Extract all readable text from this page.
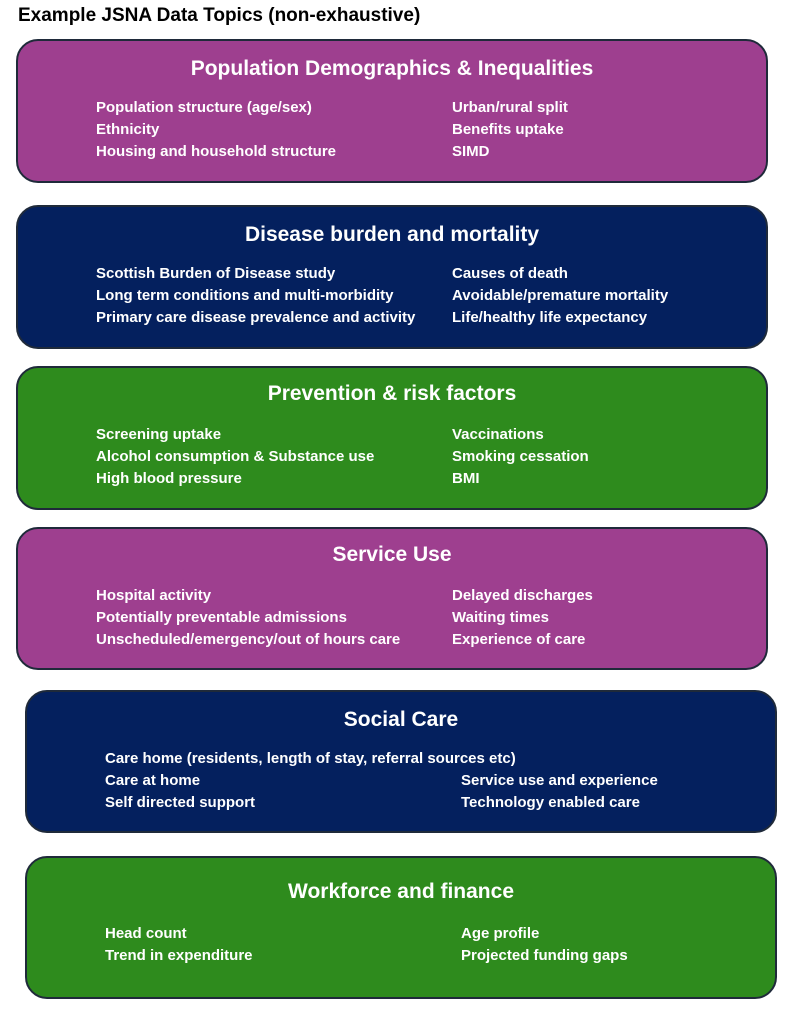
Example JSNA Data Topics (non-exhaustive)
Population Demographics & Inequalities
Population structure (age/sex)
Ethnicity
Housing and household structure
Urban/rural split
Benefits uptake
SIMD
Disease burden and mortality
Scottish Burden of Disease study
Long term conditions and multi-morbidity
Primary care disease prevalence and activity
Causes of death
Avoidable/premature mortality
Life/healthy life expectancy
Prevention & risk factors
Screening uptake
Alcohol consumption & Substance use
High blood pressure
Vaccinations
Smoking cessation
BMI
Service Use
Hospital activity
Potentially preventable admissions
Unscheduled/emergency/out of hours care
Delayed discharges
Waiting times
Experience of care
Social Care
Care home (residents, length of stay, referral sources etc)
Care at home
Self directed support
Service use and experience
Technology enabled care
Workforce and finance
Head count
Trend in expenditure
Age profile
Projected funding gaps
